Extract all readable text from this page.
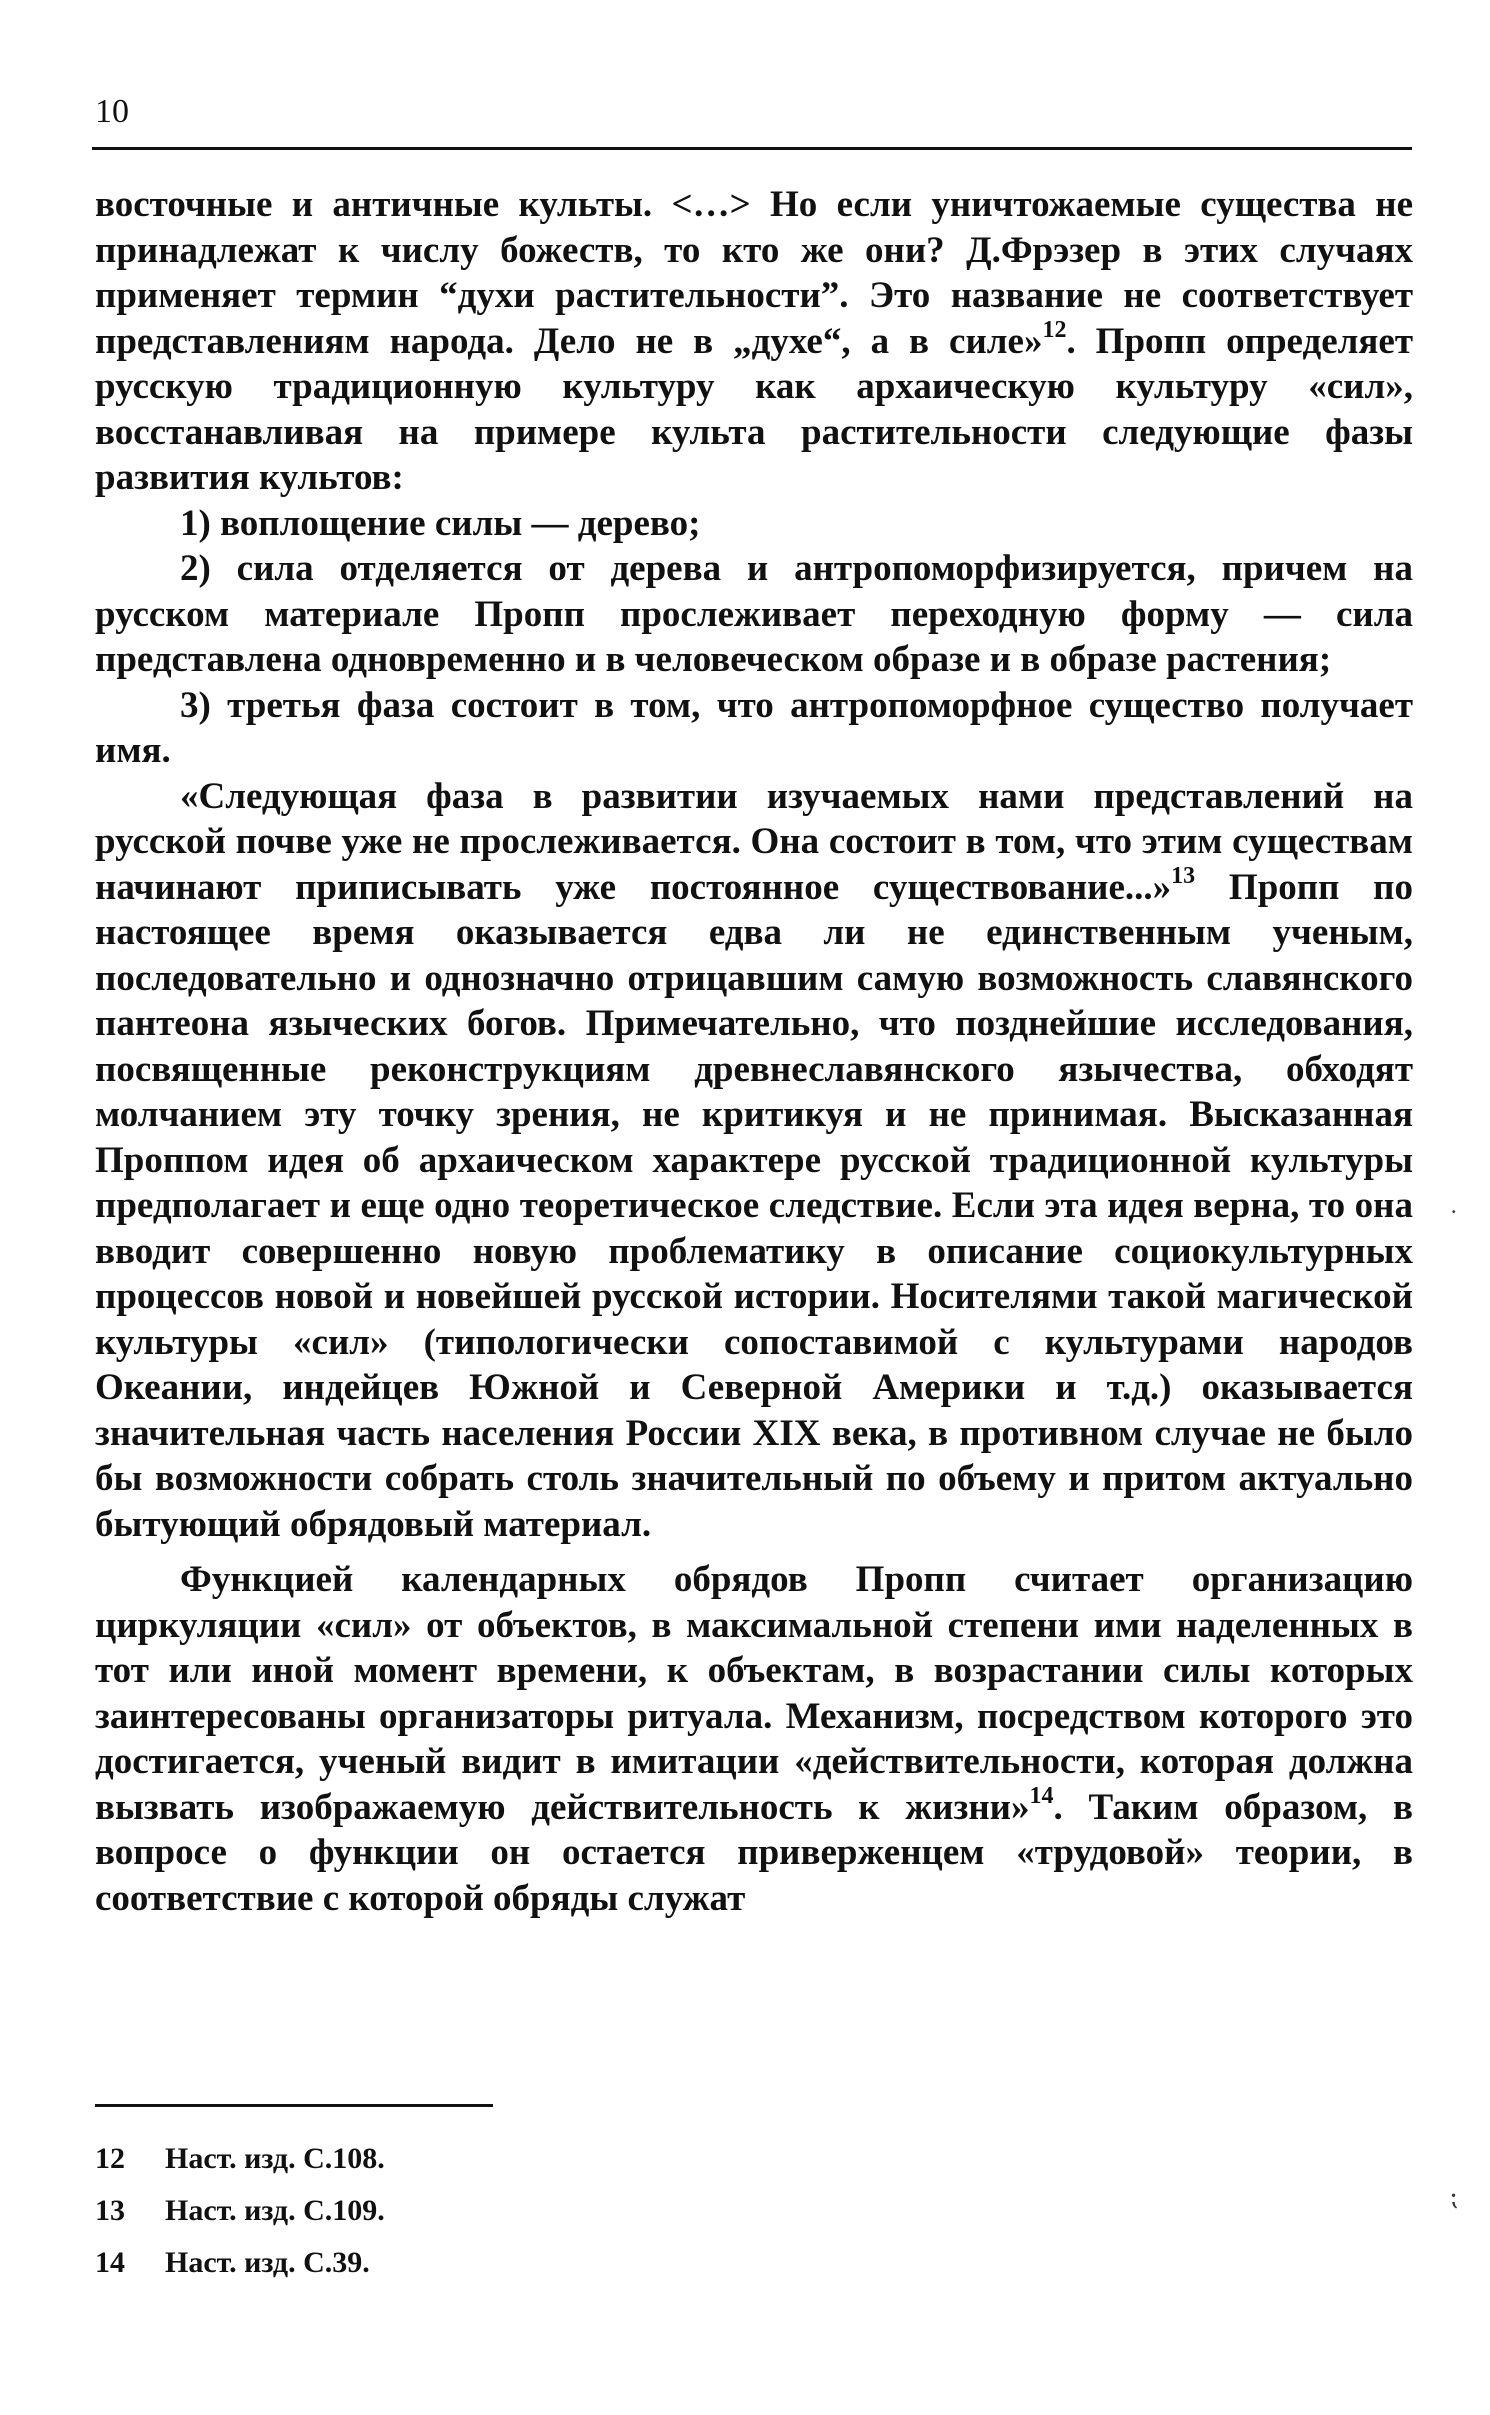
10

восточные и античные культы. <…> Но если уничтожаемые существа не принадлежат к числу божеств, то кто же они? Д.Фрэзер в этих случаях применяет термин “духи растительности”. Это название не соответствует представлениям народа. Дело не в „духе“, а в силе»$^{12}$. Пропп определяет русскую традиционную культуру как архаическую культуру «сил», восстанавливая на примере культа растительности следующие фазы развития культов:

1) воплощение силы — дерево;

2) сила отделяется от дерева и антропоморфизируется, причем на русском материале Пропп прослеживает переходную форму — сила представлена одновременно и в человеческом образе и в образе растения;

3) третья фаза состоит в том, что антропоморфное существо получает имя.

«Следующая фаза в развитии изучаемых нами представлений на русской почве уже не прослеживается. Она состоит в том, что этим существам начинают приписывать уже постоянное существование...»$^{13}$ Пропп по настоящее время оказывается едва ли не единственным ученым, последовательно и однозначно отрицавшим самую возможность славянского пантеона языческих богов. Примечательно, что позднейшие исследования, посвященные реконструкциям древнеславянского язычества, обходят молчанием эту точку зрения, не критикуя и не принимая. Высказанная Проппом идея об архаическом характере русской традиционной культуры предполагает и еще одно теоретическое следствие. Если эта идея верна, то она вводит совершенно новую проблематику в описание социокультурных процессов новой и новейшей русской истории. Носителями такой магической культуры «сил» (типологически сопоставимой с культурами народов Океании, индейцев Южной и Северной Америки и т.д.) оказывается значительная часть населения России XIX века, в противном случае не было бы возможности собрать столь значительный по объему и притом актуально бытующий обрядовый материал.

Функцией календарных обрядов Пропп считает организацию циркуляции «сил» от объектов, в максимальной степени ими наделенных в тот или иной момент времени, к объектам, в возрастании силы которых заинтересованы организаторы ритуала. Механизм, посредством которого это достигается, ученый видит в имитации «действительности, которая должна вызвать изображаемую действительность к жизни»$^{14}$. Таким образом, в вопросе о функции он остается приверженцем «трудовой» теории, в соответствие с которой обряды служат

12 Наст. изд. С.108.
13 Наст. изд. С.109.
14 Наст. изд. С.39.
˙
⁏
